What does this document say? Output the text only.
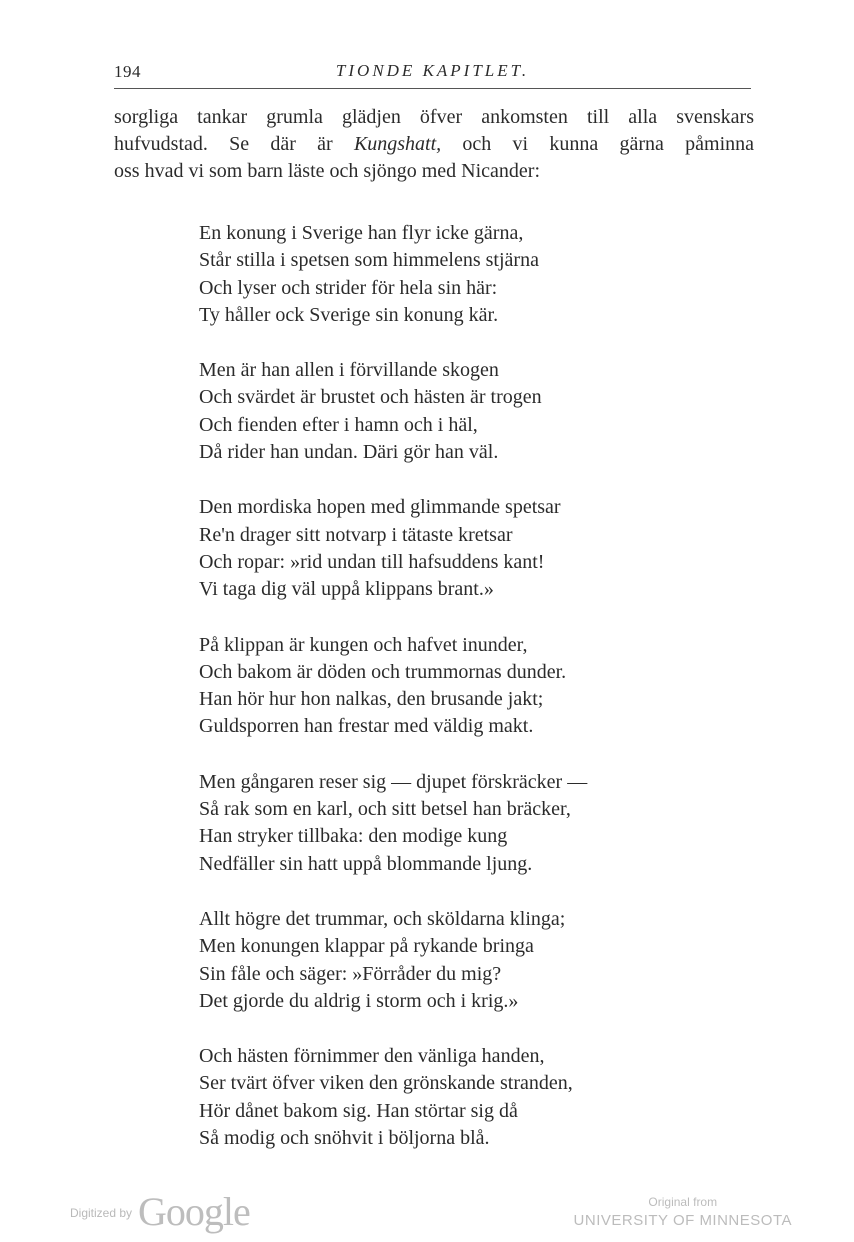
194	TIONDE KAPITLET.
sorgliga tankar grumla glädjen öfver ankomsten till alla svenskars
hufvudstad. Se där är Kungshatt, och vi kunna gärna påminna
oss hvad vi som barn läste och sjöngo med Nicander:
En konung i Sverige han flyr icke gärna,
Står stilla i spetsen som himmelens stjärna
Och lyser och strider för hela sin här:
Ty håller ock Sverige sin konung kär.
Men är han allen i förvillande skogen
Och svärdet är brustet och hästen är trogen
Och fienden efter i hamn och i häl,
Då rider han undan. Däri gör han väl.
Den mordiska hopen med glimmande spetsar
Re'n drager sitt notvarp i tätaste kretsar
Och ropar: »rid undan till hafsuddens kant!
Vi taga dig väl uppå klippans brant.»
På klippan är kungen och hafvet inunder,
Och bakom är döden och trummornas dunder.
Han hör hur hon nalkas, den brusande jakt;
Guldsporren han frestar med väldig makt.
Men gångaren reser sig — djupet förskräcker —
Så rak som en karl, och sitt betsel han bräcker,
Han stryker tillbaka: den modige kung
Nedfäller sin hatt uppå blommande ljung.
Allt högre det trummar, och sköldarna klinga;
Men konungen klappar på rykande bringa
Sin fåle och säger: »Förråder du mig?
Det gjorde du aldrig i storm och i krig.»
Och hästen förnimmer den vänliga handen,
Ser tvärt öfver viken den grönskande stranden,
Hör dånet bakom sig. Han störtar sig då
Så modig och snöhvit i böljorna blå.
Digitized by Google	Original from
UNIVERSITY OF MINNESOTA
